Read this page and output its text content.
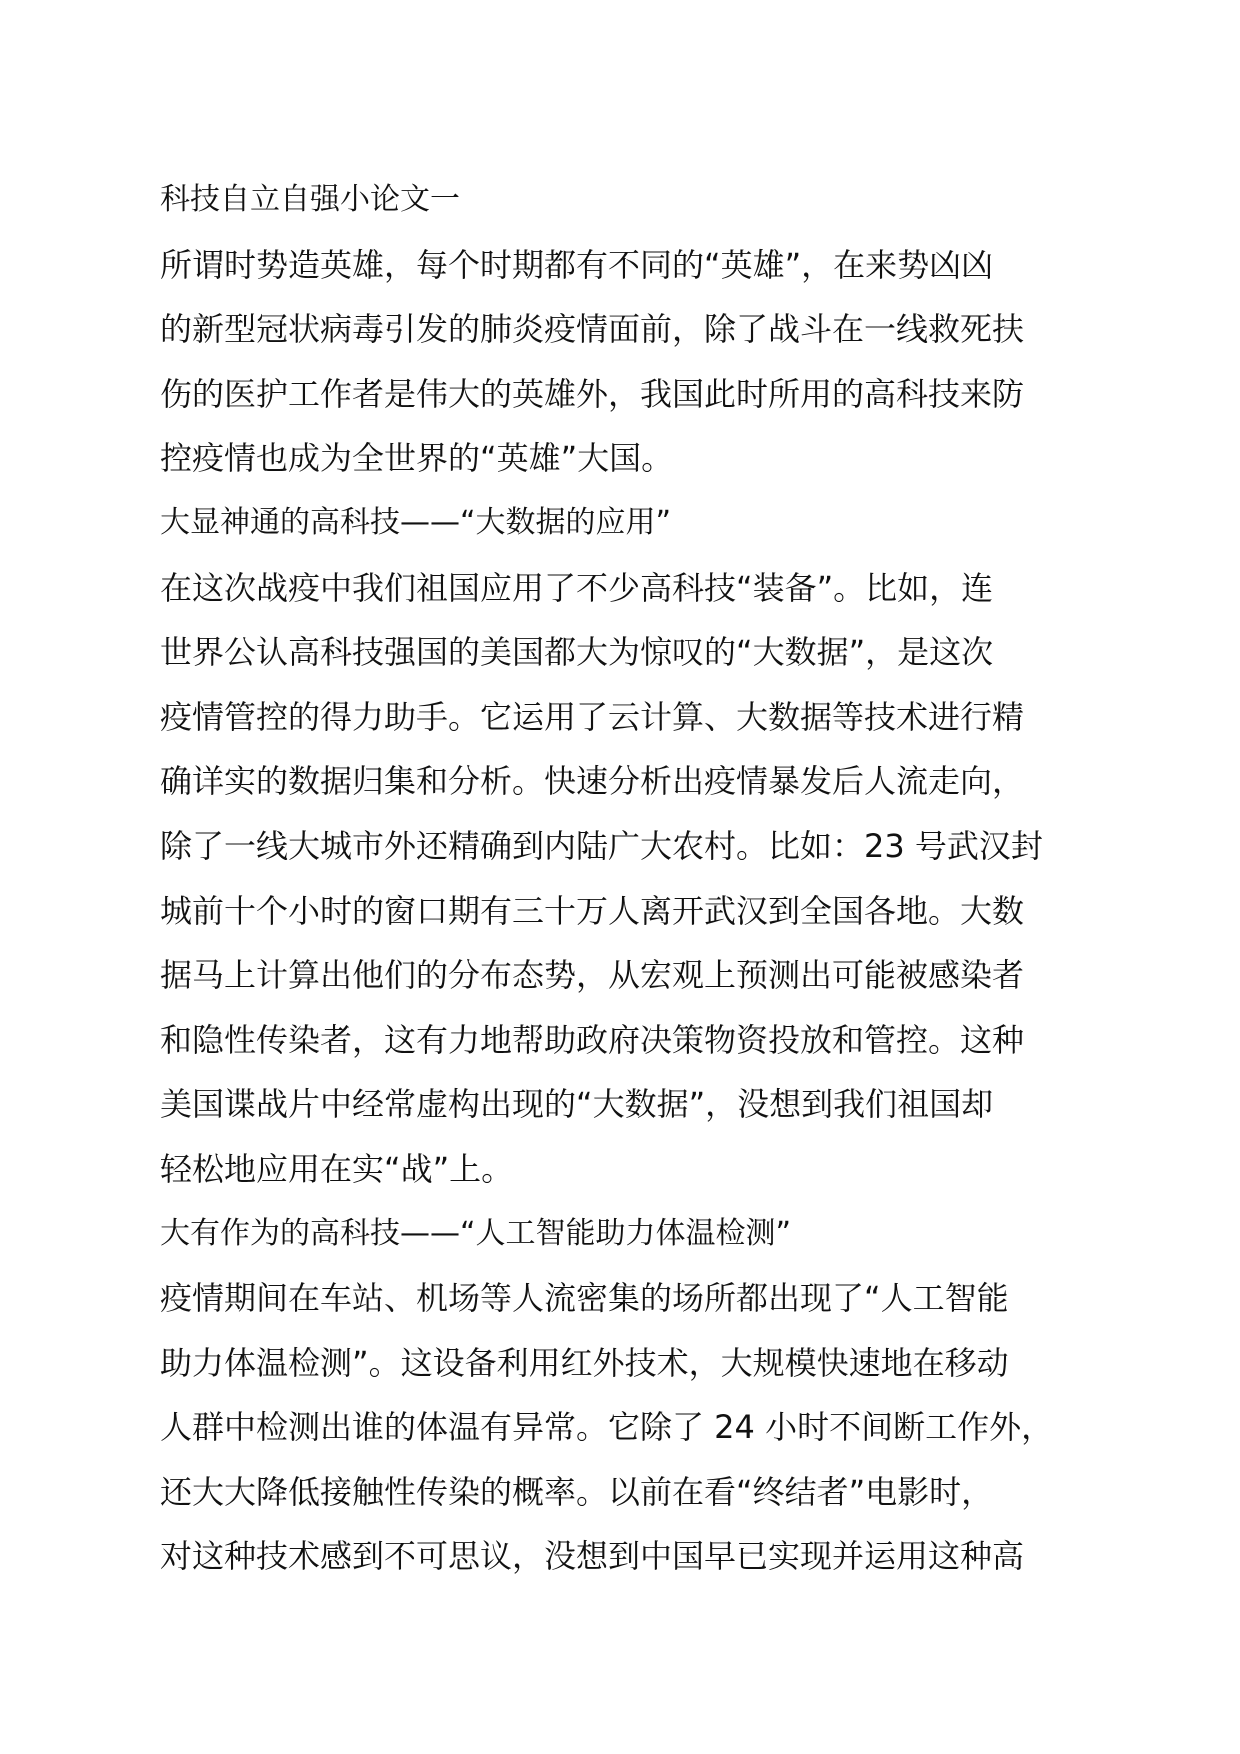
科技自立自强小论文一
所谓时势造英雄，每个时期都有不同的“英雄”，在来势凶凶
的新型冠状病毒引发的肺炎疫情面前，除了战斗在一线救死扶
伤的医护工作者是伟大的英雄外，我国此时所用的高科技来防
控疫情也成为全世界的“英雄”大国。
大显神通的高科技——“大数据的应用”
在这次战疫中我们祖国应用了不少高科技“装备”。比如，连
世界公认高科技强国的美国都大为惊叹的“大数据”，是这次
疫情管控的得力助手。它运用了云计算、大数据等技术进行精
确详实的数据归集和分析。快速分析出疫情暴发后人流走向，
除了一线大城市外还精确到内陆广大农村。比如：23 号武汉封
城前十个小时的窗口期有三十万人离开武汉到全国各地。大数
据马上计算出他们的分布态势，从宏观上预测出可能被感染者
和隐性传染者，这有力地帮助政府决策物资投放和管控。这种
美国谍战片中经常虚构出现的“大数据”，没想到我们祖国却
轻松地应用在实“战”上。
大有作为的高科技——“人工智能助力体温检测”
疫情期间在车站、机场等人流密集的场所都出现了“人工智能
助力体温检测”。这设备利用红外技术，大规模快速地在移动
人群中检测出谁的体温有异常。它除了 24 小时不间断工作外，
还大大降低接触性传染的概率。以前在看“终结者”电影时，
对这种技术感到不可思议，没想到中国早已实现并运用这种高
